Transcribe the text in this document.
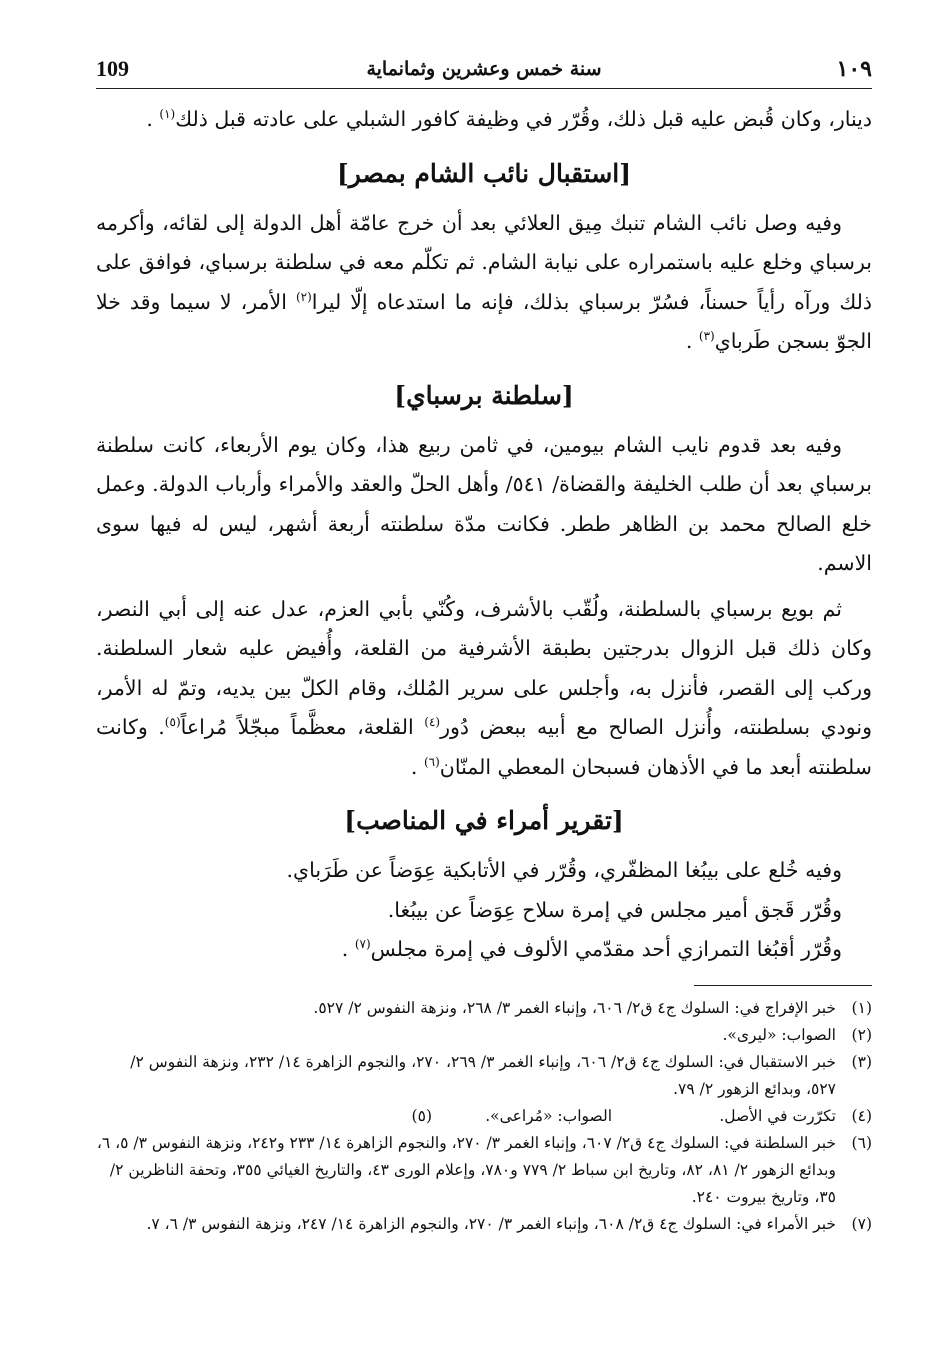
١٠٩
سنة خمس وعشرين وثمانماية
109

دينار، وكان قُبض عليه قبل ذلك، وقُرّر في وظيفة كافور الشبلي على عادته قبل ذلك$^{(١)}$ .

[استقبال نائب الشام بمصر]

وفيه وصل نائب الشام تنبك مِيق العلائي بعد أن خرج عامّة أهل الدولة إلى لقائه، وأكرمه برسباي وخلع عليه باستمراره على نيابة الشام. ثم تكلّم معه في سلطنة برسباي، فوافق على ذلك ورآه رأياً حسناً، فسُرّ برسباي بذلك، فإنه ما استدعاه إلّا ليرا$^{(٢)}$ الأمر، لا سيما وقد خلا الجوّ بسجن طَرباي$^{(٣)}$ .

[سلطنة برسباي]

وفيه بعد قدوم نايب الشام بيومين، في ثامن ربيع هذا، وكان يوم الأربعاء، كانت سلطنة برسباي بعد أن طلب الخليفة والقضاة/ ٥٤١/ وأهل الحلّ والعقد والأمراء وأرباب الدولة. وعمل خلع الصالح محمد بن الظاهر ططر. فكانت مدّة سلطنته أربعة أشهر، ليس له فيها سوى الاسم.

ثم بويع برسباي بالسلطنة، ولُقّب بالأشرف، وكُنّي بأبي العزم، عدل عنه إلى أبي النصر، وكان ذلك قبل الزوال بدرجتين بطبقة الأشرفية من القلعة، وأُفيض عليه شعار السلطنة. وركب إلى القصر، فأنزل به، وأجلس على سرير المُلك، وقام الكلّ بين يديه، وتمّ له الأمر، ونودي بسلطنته، وأُنزل الصالح مع أبيه ببعض دُور$^{(٤)}$ القلعة، معظَّماً مبجّلاً مُراعاً$^{(٥)}$. وكانت سلطنته أبعد ما في الأذهان فسبحان المعطي المنّان$^{(٦)}$ .

[تقرير أمراء في المناصب]

وفيه خُلع على بيبُغا المظفّري، وقُرّر في الأتابكية عِوَضاً عن طَرَباي.

وقُرّر قَجق أمير مجلس في إمرة سلاح عِوَضاً عن بيبُغا.

وقُرّر أقبُغا التمرازي أحد مقدّمي الألوف في إمرة مجلس$^{(٧)}$ .

(١)
خبر الإفراج في: السلوك ج٤ ق٢/ ٦٠٦، وإنباء الغمر ٣/ ٢٦٨، ونزهة النفوس ٢/ ٥٢٧.

(٢)
الصواب: «ليرى».

(٣)
خبر الاستقبال في: السلوك ج٤ ق٢/ ٦٠٦، وإنباء الغمر ٣/ ٢٦٩، ٢٧٠، والنجوم الزاهرة ١٤/ ٢٣٢، ونزهة النفوس ٢/ ٥٢٧، وبدائع الزهور ٢/ ٧٩.

(٤)
تكرّرت في الأصل.
(٥)	الصواب: «مُراعى».

(٦)
خبر السلطنة في: السلوك ج٤ ق٢/ ٦٠٧، وإنباء الغمر ٣/ ٢٧٠، والنجوم الزاهرة ١٤/ ٢٣٣ و٢٤٢، ونزهة النفوس ٣/ ٥، ٦، وبدائع الزهور ٢/ ٨١، ٨٢، وتاريخ ابن سباط ٢/ ٧٧٩ و٧٨٠، وإعلام الورى ٤٣، والتاريخ الغيائي ٣٥٥، وتحفة الناظرين ٢/ ٣٥، وتاريخ بيروت ٢٤٠.

(٧)
خبر الأمراء في: السلوك ج٤ ق٢/ ٦٠٨، وإنباء الغمر ٣/ ٢٧٠، والنجوم الزاهرة ١٤/ ٢٤٧، ونزهة النفوس ٣/ ٦، ٧.
